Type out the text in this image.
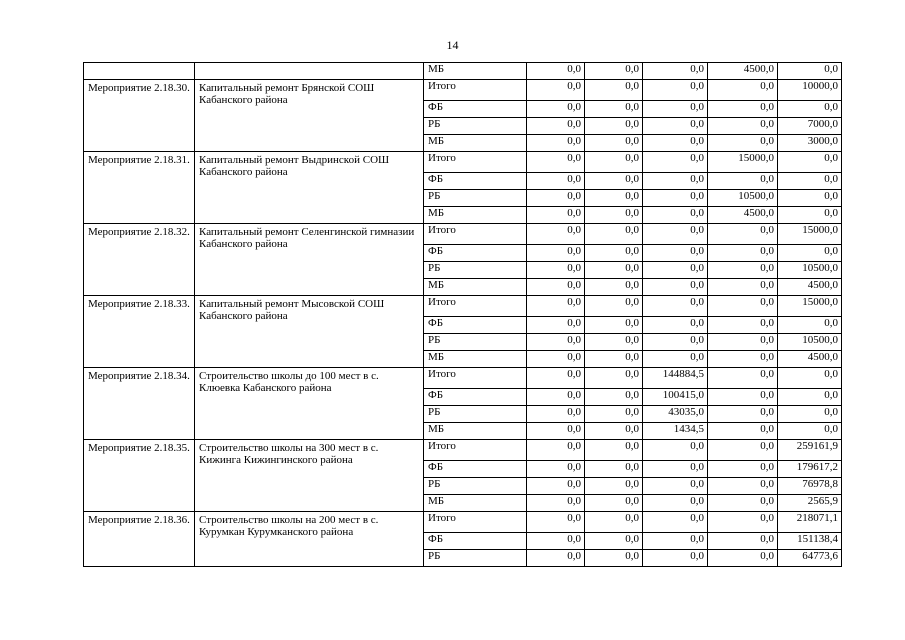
14
		МБ	0,0	0,0	0,0	4500,0	0,0
Мероприятие 2.18.30.	Капитальный ремонт Брянской СОШ Кабанского района	Итого	0,0	0,0	0,0	0,0	10000,0
		ФБ	0,0	0,0	0,0	0,0	0,0
		РБ	0,0	0,0	0,0	0,0	7000,0
		МБ	0,0	0,0	0,0	0,0	3000,0
Мероприятие 2.18.31.	Капитальный ремонт Выдринской СОШ Кабанского района	Итого	0,0	0,0	0,0	15000,0	0,0
		ФБ	0,0	0,0	0,0	0,0	0,0
		РБ	0,0	0,0	0,0	10500,0	0,0
		МБ	0,0	0,0	0,0	4500,0	0,0
Мероприятие 2.18.32.	Капитальный ремонт Селенгинской гимназии Кабанского района	Итого	0,0	0,0	0,0	0,0	15000,0
		ФБ	0,0	0,0	0,0	0,0	0,0
		РБ	0,0	0,0	0,0	0,0	10500,0
		МБ	0,0	0,0	0,0	0,0	4500,0
Мероприятие 2.18.33.	Капитальный ремонт Мысовской СОШ Кабанского района	Итого	0,0	0,0	0,0	0,0	15000,0
		ФБ	0,0	0,0	0,0	0,0	0,0
		РБ	0,0	0,0	0,0	0,0	10500,0
		МБ	0,0	0,0	0,0	0,0	4500,0
Мероприятие 2.18.34.	Строительство школы до 100 мест в с. Клюевка Кабанского района	Итого	0,0	0,0	144884,5	0,0	0,0
		ФБ	0,0	0,0	100415,0	0,0	0,0
		РБ	0,0	0,0	43035,0	0,0	0,0
		МБ	0,0	0,0	1434,5	0,0	0,0
Мероприятие 2.18.35.	Строительство школы на 300 мест в с. Кижинга Кижингинского района	Итого	0,0	0,0	0,0	0,0	259161,9
		ФБ	0,0	0,0	0,0	0,0	179617,2
		РБ	0,0	0,0	0,0	0,0	76978,8
		МБ	0,0	0,0	0,0	0,0	2565,9
Мероприятие 2.18.36.	Строительство школы на 200 мест в с. Курумкан Курумканского района	Итого	0,0	0,0	0,0	0,0	218071,1
		ФБ	0,0	0,0	0,0	0,0	151138,4
		РБ	0,0	0,0	0,0	0,0	64773,6
